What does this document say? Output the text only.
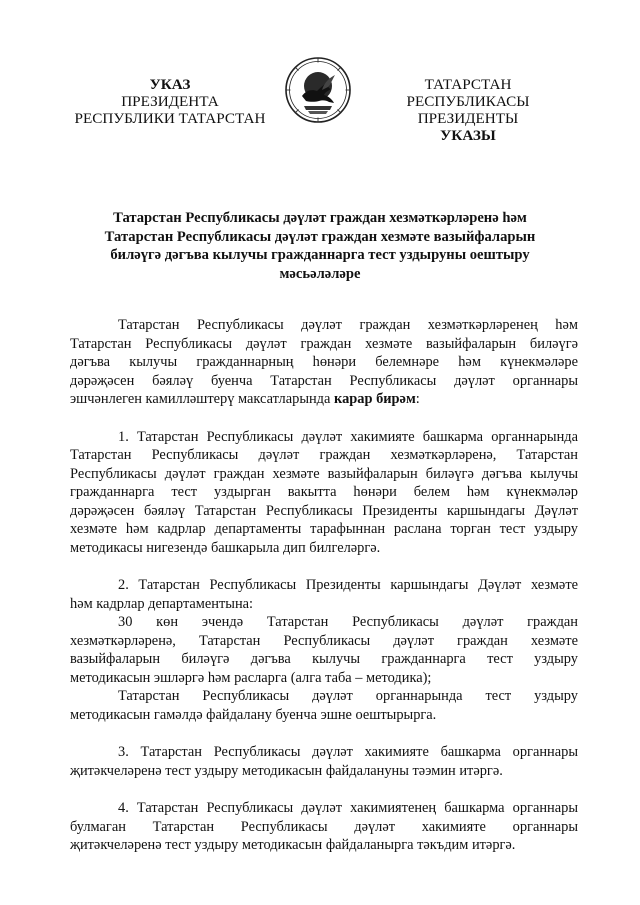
УКАЗ
ПРЕЗИДЕНТА
РЕСПУБЛИКИ ТАТАРСТАН
ТАТАРСТАН РЕСПУБЛИКАСЫ
ПРЕЗИДЕНТЫ
УКАЗЫ
Татарстан Республикасы дәүләт граждан хезмәткәрләренә һәм
Татарстан Республикасы дәүләт граждан хезмәте вазыйфаларын
биләүгә дәгъва кылучы гражданнарга тест уздыруны оештыру
мәсьәләләре
Татарстан Республикасы дәүләт граждан хезмәткәрләренең һәм
Татарстан Республикасы дәүләт граждан хезмәте вазыйфаларын биләүгә
дәгъва кылучы гражданнарның һөнәри белемнәре һәм күнекмәләре
дәрәҗәсен бәяләү буенча Татарстан Республикасы дәүләт органнары
эшчәнлеген камилләштерү максатларында карар бирәм:
1. Татарстан Республикасы дәүләт хакимияте башкарма органнарында
Татарстан Республикасы дәүләт граждан хезмәткәрләренә, Татарстан
Республикасы дәүләт граждан хезмәте вазыйфаларын биләүгә дәгъва кылучы
гражданнарга тест уздырган вакытта һөнәри белем һәм күнекмәләр
дәрәҗәсен бәяләү Татарстан Республикасы Президенты каршындагы Дәүләт
хезмәте һәм кадрлар департаменты тарафыннан раслана торган тест уздыру
методикасы нигезендә башкарыла дип билгеләргә.
2. Татарстан Республикасы Президенты каршындагы Дәүләт хезмәте
һәм кадрлар департаментына:
30 көн эчендә Татарстан Республикасы дәүләт граждан
хезмәткәрләренә, Татарстан Республикасы дәүләт граждан хезмәте
вазыйфаларын биләүгә дәгъва кылучы гражданнарга тест уздыру
методикасын эшләргә һәм расларга (алга таба – методика);
Татарстан Республикасы дәүләт органнарында тест уздыру
методикасын гамәлдә файдалану буенча эшне оештырырга.
3. Татарстан Республикасы дәүләт хакимияте башкарма органнары
җитәкчеләренә тест уздыру методикасын файдалануны тәэмин итәргә.
4. Татарстан Республикасы дәүләт хакимиятенең башкарма органнары
булмаган Татарстан Республикасы дәүләт хакимияте органнары
җитәкчеләренә тест уздыру методикасын файдаланырга тәкъдим итәргә.
